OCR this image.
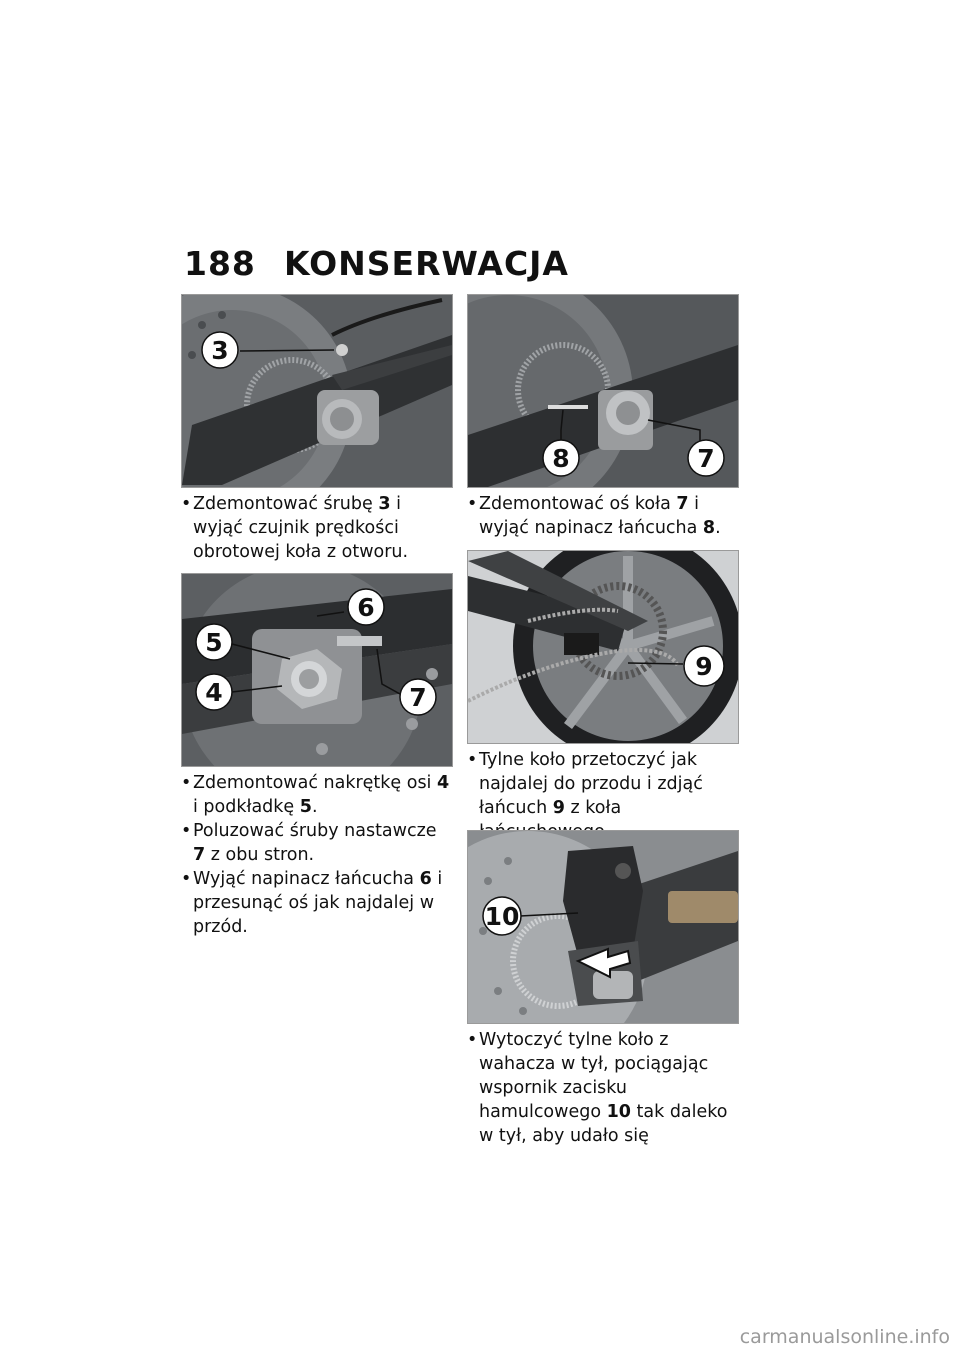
188 KONSERWACJA
3
8	7
• Zdemontować śrubę 3 i wyjąć czujnik prędkości obrotowej koła z otworu.
• Zdemontować oś koła 7 i wyjąć napinacz łańcucha 8.
6
5
4	7
9
• Zdemontować nakrętkę osi 4 i podkładkę 5.
• Poluzować śruby nastawcze 7 z obu stron.
• Wyjąć napinacz łańcucha 6 i przesunąć oś jak najdalej w przód.
• Tylne koło przetoczyć jak najdalej do przodu i zdjąć łańcuch 9 z koła
10
• Wytoczyć tylne koło z wahacza w tył, pociągając wspornik zacisku hamulcowego 10 tak daleko w tył, aby udało się
carmanualsonline.info
